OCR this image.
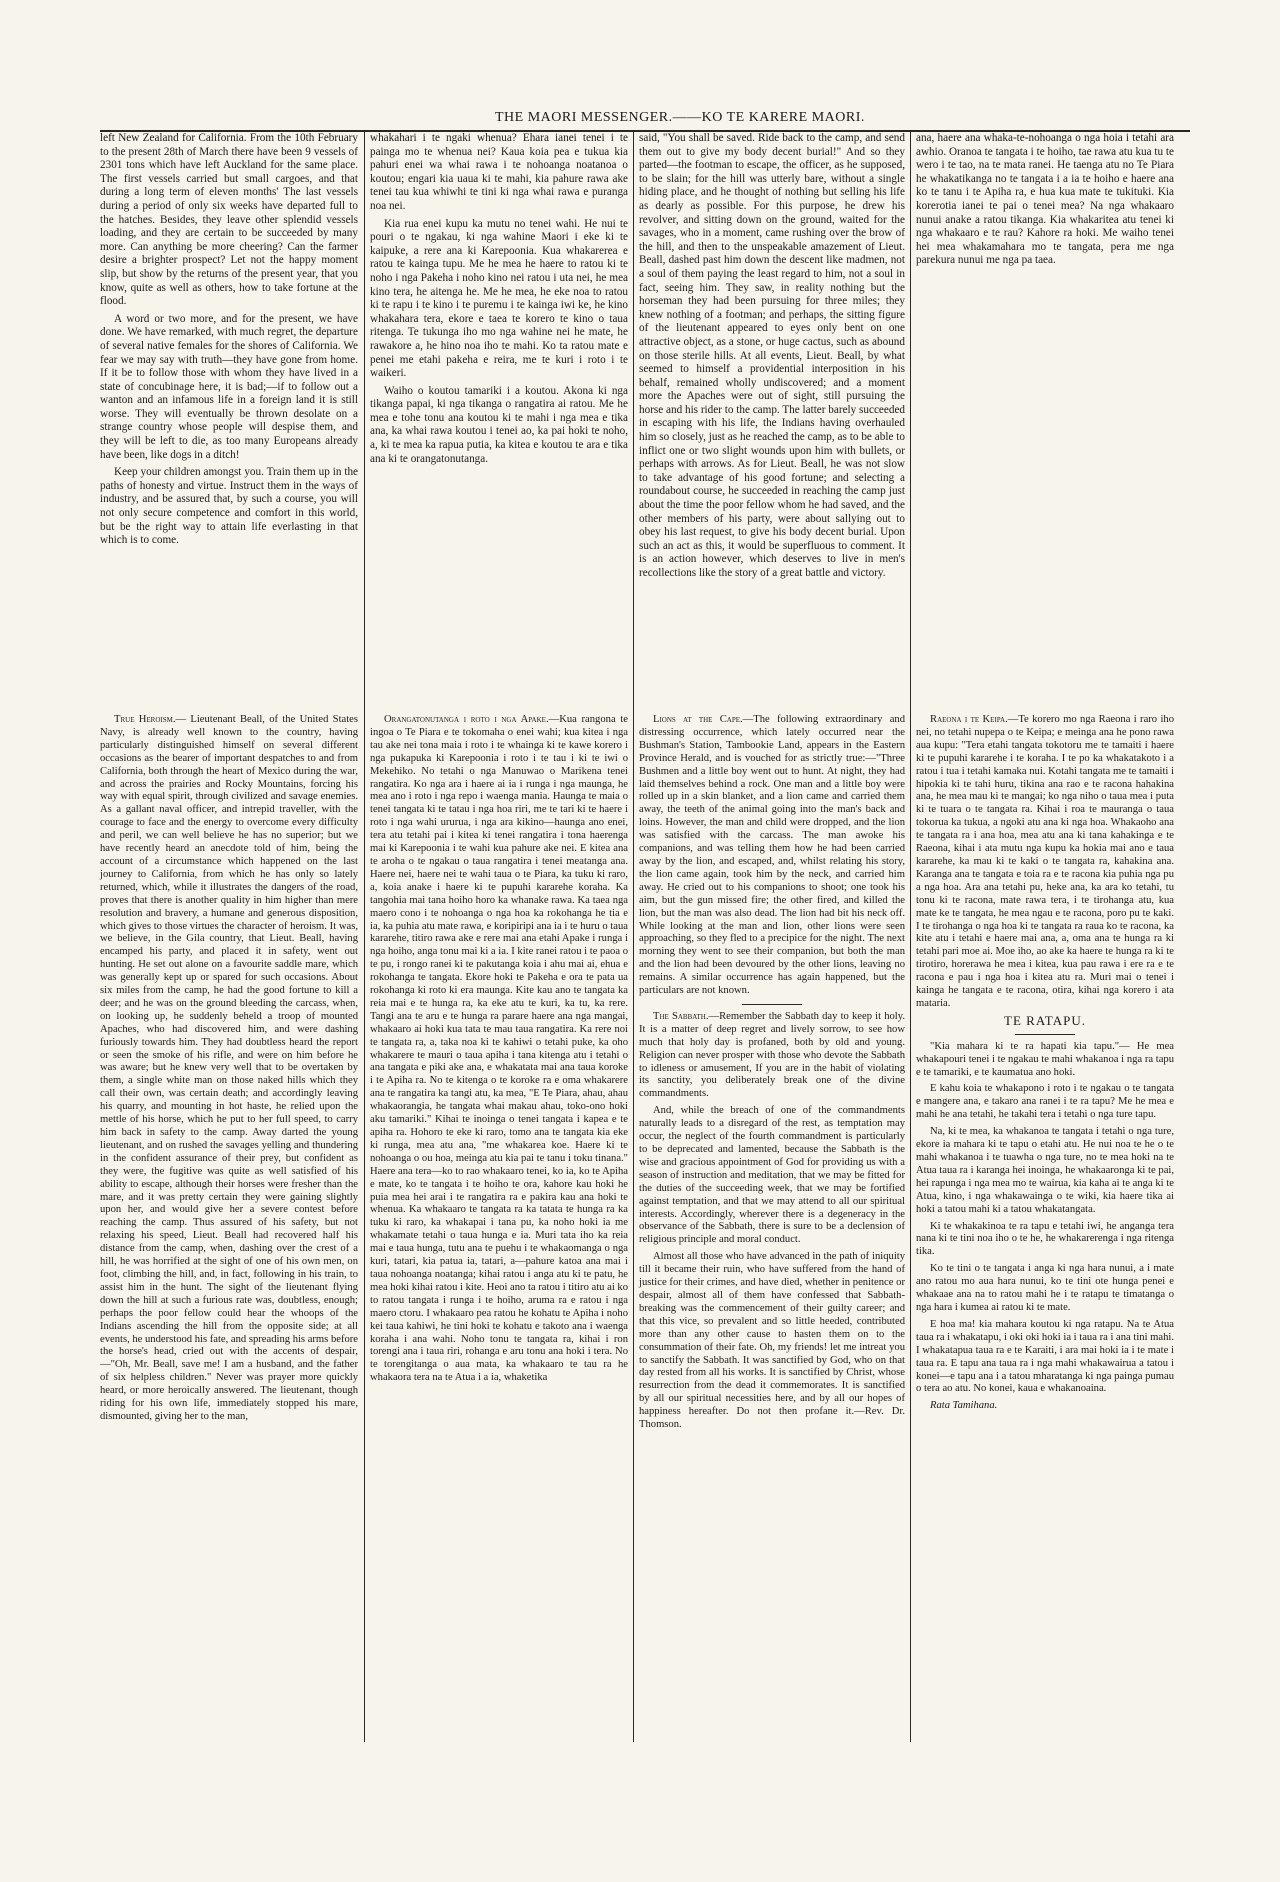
THE MAORI MESSENGER.——KO TE KARERE MAORI.

left New Zealand for California. From the 10th February to the present 28th of March there have been 9 vessels of 2301 tons which have left Auckland for the same place. The first vessels carried but small cargoes, and that during a long term of eleven months' The last vessels during a period of only six weeks have departed full to the hatches. Besides, they leave other splendid vessels loading, and they are certain to be succeeded by many more. Can anything be more cheering? Can the farmer desire a brighter prospect? Let not the happy moment slip, but show by the returns of the present year, that you know, quite as well as others, how to take fortune at the flood.

A word or two more, and for the present, we have done. We have remarked, with much regret, the departure of several native females for the shores of California. We fear we may say with truth—they have gone from home. If it be to follow those with whom they have lived in a state of concubinage here, it is bad;—if to follow out a wanton and an infamous life in a foreign land it is still worse. They will eventually be thrown desolate on a strange country whose people will despise them, and they will be left to die, as too many Europeans already have been, like dogs in a ditch!

Keep your children amongst you. Train them up in the paths of honesty and virtue. Instruct them in the ways of industry, and be assured that, by such a course, you will not only secure competence and comfort in this world, but be the right way to attain life everlasting in that which is to come.

whakahari i te ngaki whenua? Ehara ianei tenei i te painga mo te whenua nei? Kaua koia pea e tukua kia pahuri enei wa whai rawa i te nohoanga noatanoa o koutou; engari kia uaua ki te mahi, kia pahure rawa ake tenei tau kua whiwhi te tini ki nga whai rawa e puranga noa nei.

Kia rua enei kupu ka mutu no tenei wahi. He nui te pouri o te ngakau, ki nga wahine Maori i eke ki te kaipuke, a rere ana ki Karepoonia. Kua whakarerea e ratou te kainga tupu. Me he mea he haere to ratou ki te noho i nga Pakeha i noho kino nei ratou i uta nei, he mea kino tera, he aitenga he. Me he mea, he eke noa to ratou ki te rapu i te kino i te puremu i te kainga iwi ke, he kino whakahara tera, ekore e taea te korero te kino o taua ritenga. Te tukunga iho mo nga wahine nei he mate, he rawakore a, he hino noa iho te mahi. Ko ta ratou mate e penei me etahi pakeha e reira, me te kuri i roto i te waikeri.

Waiho o koutou tamariki i a koutou. Akona ki nga tikanga papai, ki nga tikanga o rangatira ai ratou. Me he mea e tohe tonu ana koutou ki te mahi i nga mea e tika ana, ka whai rawa koutou i tenei ao, ka pai hoki te noho, a, ki te mea ka rapua putia, ka kitea e koutou te ara e tika ana ki te orangatonutanga.

said, "You shall be saved. Ride back to the camp, and send them out to give my body decent burial!" And so they parted—the footman to escape, the officer, as he supposed, to be slain; for the hill was utterly bare, without a single hiding place, and he thought of nothing but selling his life as dearly as possible. For this purpose, he drew his revolver, and sitting down on the ground, waited for the savages, who in a moment, came rushing over the brow of the hill, and then to the unspeakable amazement of Lieut. Beall, dashed past him down the descent like madmen, not a soul of them paying the least regard to him, not a soul in fact, seeing him. They saw, in reality nothing but the horseman they had been pursuing for three miles; they knew nothing of a footman; and perhaps, the sitting figure of the lieutenant appeared to eyes only bent on one attractive object, as a stone, or huge cactus, such as abound on those sterile hills. At all events, Lieut. Beall, by what seemed to himself a providential interposition in his behalf, remained wholly undiscovered; and a moment more the Apaches were out of sight, still pursuing the horse and his rider to the camp. The latter barely succeeded in escaping with his life, the Indians having overhauled him so closely, just as he reached the camp, as to be able to inflict one or two slight wounds upon him with bullets, or perhaps with arrows. As for Lieut. Beall, he was not slow to take advantage of his good fortune; and selecting a roundabout course, he succeeded in reaching the camp just about the time the poor fellow whom he had saved, and the other members of his party, were about sallying out to obey his last request, to give his body decent burial. Upon such an act as this, it would be superfluous to comment. It is an action however, which deserves to live in men's recollections like the story of a great battle and victory.

ana, haere ana whaka-te-nohoanga o nga hoia i tetahi ara awhio. Oranoa te tangata i te hoiho, tae rawa atu kua tu te wero i te tao, na te mata ranei. He taenga atu no Te Piara he whakatikanga no te tangata i a ia te hoiho e haere ana ko te tanu i te Apiha ra, e hua kua mate te tukituki. Kia korerotia ianei te pai o tenei mea? Na nga whakaaro nunui anake a ratou tikanga. Kia whakaritea atu tenei ki nga whakaaro e te rau? Kahore ra hoki. Me waiho tenei hei mea whakamahara mo te tangata, pera me nga parekura nunui me nga pa taea.

True Heroism.— Lieutenant Beall, of the United States Navy, is already well known to the country, having particularly distinguished himself on several different occasions as the bearer of important despatches to and from California, both through the heart of Mexico during the war, and across the prairies and Rocky Mountains, forcing his way with equal spirit, through civilized and savage enemies. As a gallant naval officer, and intrepid traveller, with the courage to face and the energy to overcome every difficulty and peril, we can well believe he has no superior; but we have recently heard an anecdote told of him, being the account of a circumstance which happened on the last journey to California, from which he has only so lately returned, which, while it illustrates the dangers of the road, proves that there is another quality in him higher than mere resolution and bravery, a humane and generous disposition, which gives to those virtues the character of heroism. It was, we believe, in the Gila country, that Lieut. Beall, having encamped his party, and placed it in safety, went out hunting. He set out alone on a favourite saddle mare, which was generally kept up or spared for such occasions. About six miles from the camp, he had the good fortune to kill a deer; and he was on the ground bleeding the carcass, when, on looking up, he suddenly beheld a troop of mounted Apaches, who had discovered him, and were dashing furiously towards him. They had doubtless heard the report or seen the smoke of his rifle, and were on him before he was aware; but he knew very well that to be overtaken by them, a single white man on those naked hills which they call their own, was certain death; and accordingly leaving his quarry, and mounting in hot haste, he relied upon the mettle of his horse, which he put to her full speed, to carry him back in safety to the camp. Away darted the young lieutenant, and on rushed the savages yelling and thundering in the confident assurance of their prey, but confident as they were, the fugitive was quite as well satisfied of his ability to escape, although their horses were fresher than the mare, and it was pretty certain they were gaining slightly upon her, and would give her a severe contest before reaching the camp. Thus assured of his safety, but not relaxing his speed, Lieut. Beall had recovered half his distance from the camp, when, dashing over the crest of a hill, he was horrified at the sight of one of his own men, on foot, climbing the hill, and, in fact, following in his train, to assist him in the hunt. The sight of the lieutenant flying down the hill at such a furious rate was, doubtless, enough; perhaps the poor fellow could hear the whoops of the Indians ascending the hill from the opposite side; at all events, he understood his fate, and spreading his arms before the horse's head, cried out with the accents of despair,—"Oh, Mr. Beall, save me! I am a husband, and the father of six helpless children." Never was prayer more quickly heard, or more heroically answered. The lieutenant, though riding for his own life, immediately stopped his mare, dismounted, giving her to the man,

Orangatonutanga i roto i nga Apake.—Kua rangona te ingoa o Te Piara e te tokomaha o enei wahi; kua kitea i nga tau ake nei tona maia i roto i te whainga ki te kawe korero i nga pukapuka ki Karepoonia i roto i te tau i ki te iwi o Mekehiko. No tetahi o nga Manuwao o Marikena tenei rangatira. Ko nga ara i haere ai ia i runga i nga maunga, he mea ano i roto i nga repo i waenga mania. Haunga te maia o tenei tangata ki te tatau i nga hoa riri, me te tari ki te haere i roto i nga wahi ururua, i nga ara kikino—haunga ano enei, tera atu tetahi pai i kitea ki tenei rangatira i tona haerenga mai ki Karepoonia i te wahi kua pahure ake nei. E kitea ana te aroha o te ngakau o taua rangatira i tenei meatanga ana. Haere nei, haere nei te wahi taua o te Piara, ka tuku ki raro, a, koia anake i haere ki te pupuhi kararehe koraha. Ka tangohia mai tana hoiho horo ka whanake rawa. Ka taea nga maero cono i te nohoanga o nga hoa ka rokohanga he tia e ia, ka puhia atu mate rawa, e koripiripi ana ia i te huru o taua kararehe, titiro rawa ake e rere mai ana etahi Apake i runga i nga hoiho, anga tonu mai ki a ia. I kite ranei ratou i te paoa o te pu, i rongo ranei ki te pakutanga koia i ahu mai ai, ehua e rokohanga te tangata. Ekore hoki te Pakeha e ora te pata ua rokohanga ki roto ki era maunga. Kite kau ano te tangata ka reia mai e te hunga ra, ka eke atu te kuri, ka tu, ka rere. Tangi ana te aru e te hunga ra parare haere ana nga mangai, whakaaro ai hoki kua tata te mau taua rangatira. Ka rere noi te tangata ra, a, taka noa ki te kahiwi o tetahi puke, ka oho whakarere te mauri o taua apiha i tana kitenga atu i tetahi o ana tangata e piki ake ana, e whakatata mai ana taua koroke i te Apiha ra. No te kitenga o te koroke ra e oma whakarere ana te rangatira ka tangi atu, ka mea, "E Te Piara, ahau, ahau whakaorangia, he tangata whai makau ahau, toko-ono hoki aku tamariki." Kihai te inoinga o tenei tangata i kapea e te apiha ra. Hohoro te eke ki raro, tomo ana te tangata kia eke ki runga, mea atu ana, "me whakarea koe. Haere ki te nohoanga o ou hoa, meinga atu kia pai te tanu i toku tinana." Haere ana tera—ko to rao whakaaro tenei, ko ia, ko te Apiha e mate, ko te tangata i te hoiho te ora, kahore kau hoki he puia mea hei arai i te rangatira ra e pakira kau ana hoki te whenua. Ka whakaaro te tangata ra ka tatata te hunga ra ka tuku ki raro, ka whakapai i tana pu, ka noho hoki ia me whakamate tetahi o taua hunga e ia. Muri tata iho ka reia mai e taua hunga, tutu ana te puehu i te whakaomanga o nga kuri, tatari, kia patua ia, tatari, a—pahure katoa ana mai i taua nohoanga noatanga; kihai ratou i anga atu ki te patu, he mea hoki kihai ratou i kite. Heoi ano ta ratou i titiro atu ai ko to ratou tangata i runga i te hoiho, aruma ra e ratou i nga maero ctoru. I whakaaro pea ratou he kohatu te Apiha i noho kei taua kahiwi, he tini hoki te kohatu e takoto ana i waenga koraha i ana wahi. Noho tonu te tangata ra, kihai i ron torengi ana i taua riri, rohanga e aru tonu ana hoki i tera. No te torengitanga o aua mata, ka whakaaro te tau ra he whakaora tera na te Atua i a ia, whaketika

Lions at the Cape.—The following extraordinary and distressing occurrence, which lately occurred near the Bushman's Station, Tambookie Land, appears in the Eastern Province Herald, and is vouched for as strictly true:—"Three Bushmen and a little boy went out to hunt. At night, they had laid themselves behind a rock. One man and a little boy were rolled up in a skin blanket, and a lion came and carried them away, the teeth of the animal going into the man's back and loins. However, the man and child were dropped, and the lion was satisfied with the carcass. The man awoke his companions, and was telling them how he had been carried away by the lion, and escaped, and, whilst relating his story, the lion came again, took him by the neck, and carried him away. He cried out to his companions to shoot; one took his aim, but the gun missed fire; the other fired, and killed the lion, but the man was also dead. The lion had bit his neck off. While looking at the man and lion, other lions were seen approaching, so they fled to a precipice for the night. The next morning they went to see their companion, but both the man and the lion had been devoured by the other lions, leaving no remains. A similar occurrence has again happened, but the particulars are not known.

The Sabbath.—Remember the Sabbath day to keep it holy. It is a matter of deep regret and lively sorrow, to see how much that holy day is profaned, both by old and young. Religion can never prosper with those who devote the Sabbath to idleness or amusement, If you are in the habit of violating its sanctity, you deliberately break one of the divine commandments.

And, while the breach of one of the commandments naturally leads to a disregard of the rest, as temptation may occur, the neglect of the fourth commandment is particularly to be deprecated and lamented, because the Sabbath is the wise and gracious appointment of God for providing us with a season of instruction and meditation, that we may be fitted for the duties of the succeeding week, that we may be fortified against temptation, and that we may attend to all our spiritual interests. Accordingly, wherever there is a degeneracy in the observance of the Sabbath, there is sure to be a declension of religious principle and moral conduct.

Almost all those who have advanced in the path of iniquity till it became their ruin, who have suffered from the hand of justice for their crimes, and have died, whether in penitence or despair, almost all of them have confessed that Sabbath-breaking was the commencement of their guilty career; and that this vice, so prevalent and so little heeded, contributed more than any other cause to hasten them on to the consummation of their fate. Oh, my friends! let me intreat you to sanctify the Sabbath. It was sanctified by God, who on that day rested from all his works. It is sanctified by Christ, whose resurrection from the dead it commemorates. It is sanctified by all our spiritual necessities here, and by all our hopes of happiness hereafter. Do not then profane it.—Rev. Dr. Thomson.

Raeona i te Keipa.—Te korero mo nga Raeona i raro iho nei, no tetahi nupepa o te Keipa; e meinga ana he pono rawa aua kupu: "Tera etahi tangata tokotoru me te tamaiti i haere ki te pupuhi kararehe i te koraha. I te po ka whakatakoto i a ratou i tua i tetahi kamaka nui. Kotahi tangata me te tamaiti i hipokia ki te tahi huru, tikina ana rao e te racona hahakina ana, he mea mau ki te mangai; ko nga niho o taua mea i puta ki te tuara o te tangata ra. Kihai i roa te mauranga o taua tokorua ka tukua, a ngoki atu ana ki nga hoa. Whakaoho ana te tangata ra i ana hoa, mea atu ana ki tana kahakinga e te Raeona, kihai i ata mutu nga kupu ka hokia mai ano e taua kararehe, ka mau ki te kaki o te tangata ra, kahakina ana. Karanga ana te tangata e toia ra e te racona kia puhia nga pu a nga hoa. Ara ana tetahi pu, heke ana, ka ara ko tetahi, tu tonu ki te racona, mate rawa tera, i te tirohanga atu, kua mate ke te tangata, he mea ngau e te racona, poro pu te kaki. I te tirohanga o nga hoa ki te tangata ra raua ko te racona, ka kite atu i tetahi e haere mai ana, a, oma ana te hunga ra ki tetahi pari moe ai. Moe iho, ao ake ka haere te hunga ra ki te tirotiro, horerawa he mea i kitea, kua pau rawa i ere ra e te racona e pau i nga hoa i kitea atu ra. Muri mai o tenei i kainga he tangata e te racona, otira, kihai nga korero i ata mataria.

TE RATAPU.

"Kia mahara ki te ra hapati kia tapu."— He mea whakapouri tenei i te ngakau te mahi whakanoa i nga ra tapu e te tamariki, e te kaumatua ano hoki.

E kahu koia te whakapono i roto i te ngakau o te tangata e mangere ana, e takaro ana ranei i te ra tapu? Me he mea e mahi he ana tetahi, he takahi tera i tetahi o nga ture tapu.

Na, ki te mea, ka whakanoa te tangata i tetahi o nga ture, ekore ia mahara ki te tapu o etahi atu. He nui noa te he o te mahi whakanoa i te tuawha o nga ture, no te mea hoki na te Atua taua ra i karanga hei inoinga, he whakaaronga ki te pai, hei rapunga i nga mea mo te wairua, kia kaha ai te anga ki te Atua, kino, i nga whakawainga o te wiki, kia haere tika ai hoki a tatou mahi ki a tatou whakatangata.

Ki te whakakinoa te ra tapu e tetahi iwi, he anganga tera nana ki te tini noa iho o te he, he whakarerenga i nga ritenga tika.

Ko te tini o te tangata i anga ki nga hara nunui, a i mate ano ratou mo aua hara nunui, ko te tini ote hunga penei e whakaae ana na to ratou mahi he i te ratapu te timatanga o nga hara i kumea ai ratou ki te mate.

E hoa ma! kia mahara koutou ki nga ratapu. Na te Atua taua ra i whakatapu, i oki oki hoki ia i taua ra i ana tini mahi. I whakatapua taua ra e te Karaiti, i ara mai hoki ia i te mate i taua ra. E tapu ana taua ra i nga mahi whakawairua a tatou i konei—e tapu ana i a tatou mharatanga ki nga painga pumau o tera ao atu. No konei, kaua e whakanoaina.

Rata Tamihana.
